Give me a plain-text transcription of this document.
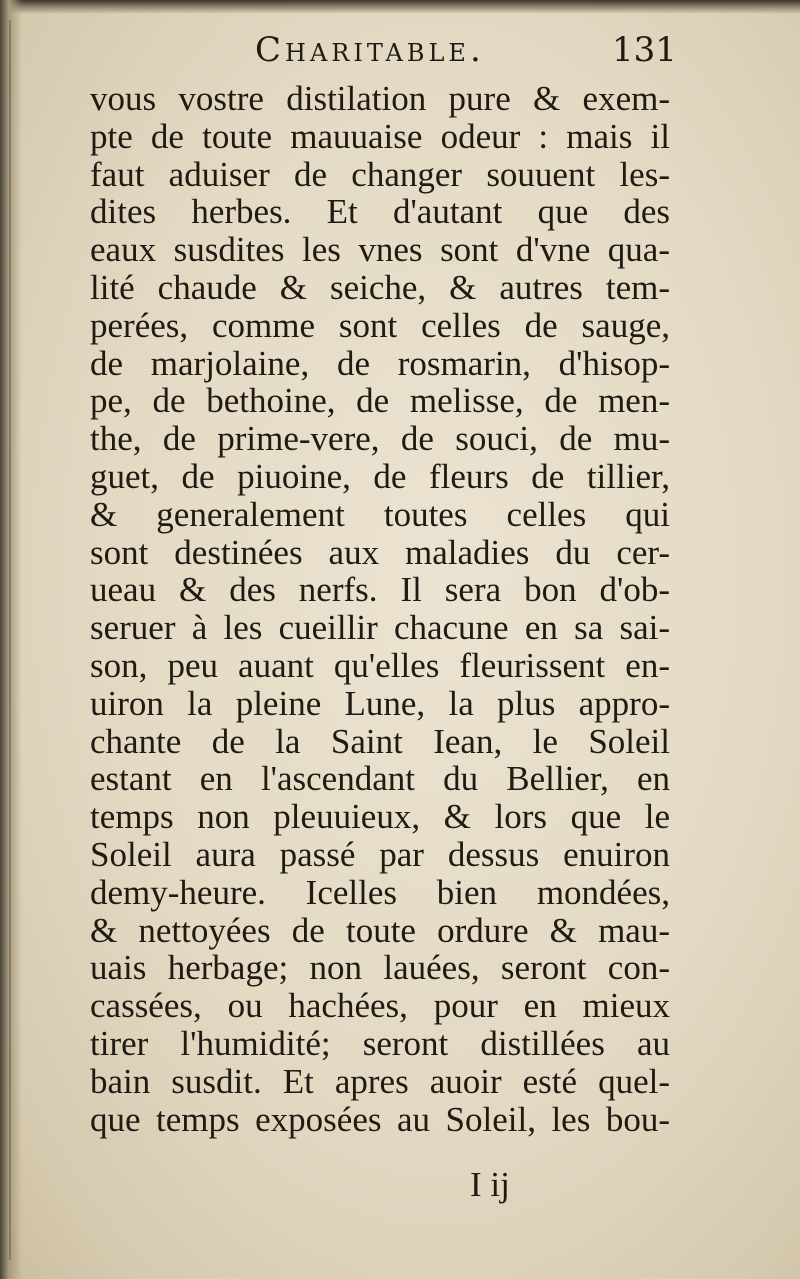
Charitable.	131
vous vostre distilation pure & exem-
pte de toute mauuaise odeur : mais il
faut aduiser de changer souuent les-
dites herbes. Et d'autant que des
eaux susdites les vnes sont d'vne qua-
lité chaude & seiche, & autres tem-
perées, comme sont celles de sauge,
de marjolaine, de rosmarin, d'hisop-
pe, de bethoine, de melisse, de men-
the, de prime-vere, de souci, de mu-
guet, de piuoine, de fleurs de tillier,
& generalement toutes celles qui
sont destinées aux maladies du cer-
ueau & des nerfs. Il sera bon d'ob-
seruer à les cueillir chacune en sa sai-
son, peu auant qu'elles fleurissent en-
uiron la pleine Lune, la plus appro-
chante de la Saint Iean, le Soleil
estant en l'ascendant du Bellier, en
temps non pleuuieux, & lors que le
Soleil aura passé par dessus enuiron
demy-heure. Icelles bien mondées,
& nettoyées de toute ordure & mau-
uais herbage; non lauées, seront con-
cassées, ou hachées, pour en mieux
tirer l'humidité; seront distillées au
bain susdit. Et apres auoir esté quel-
que temps exposées au Soleil, les bou-
I ij
